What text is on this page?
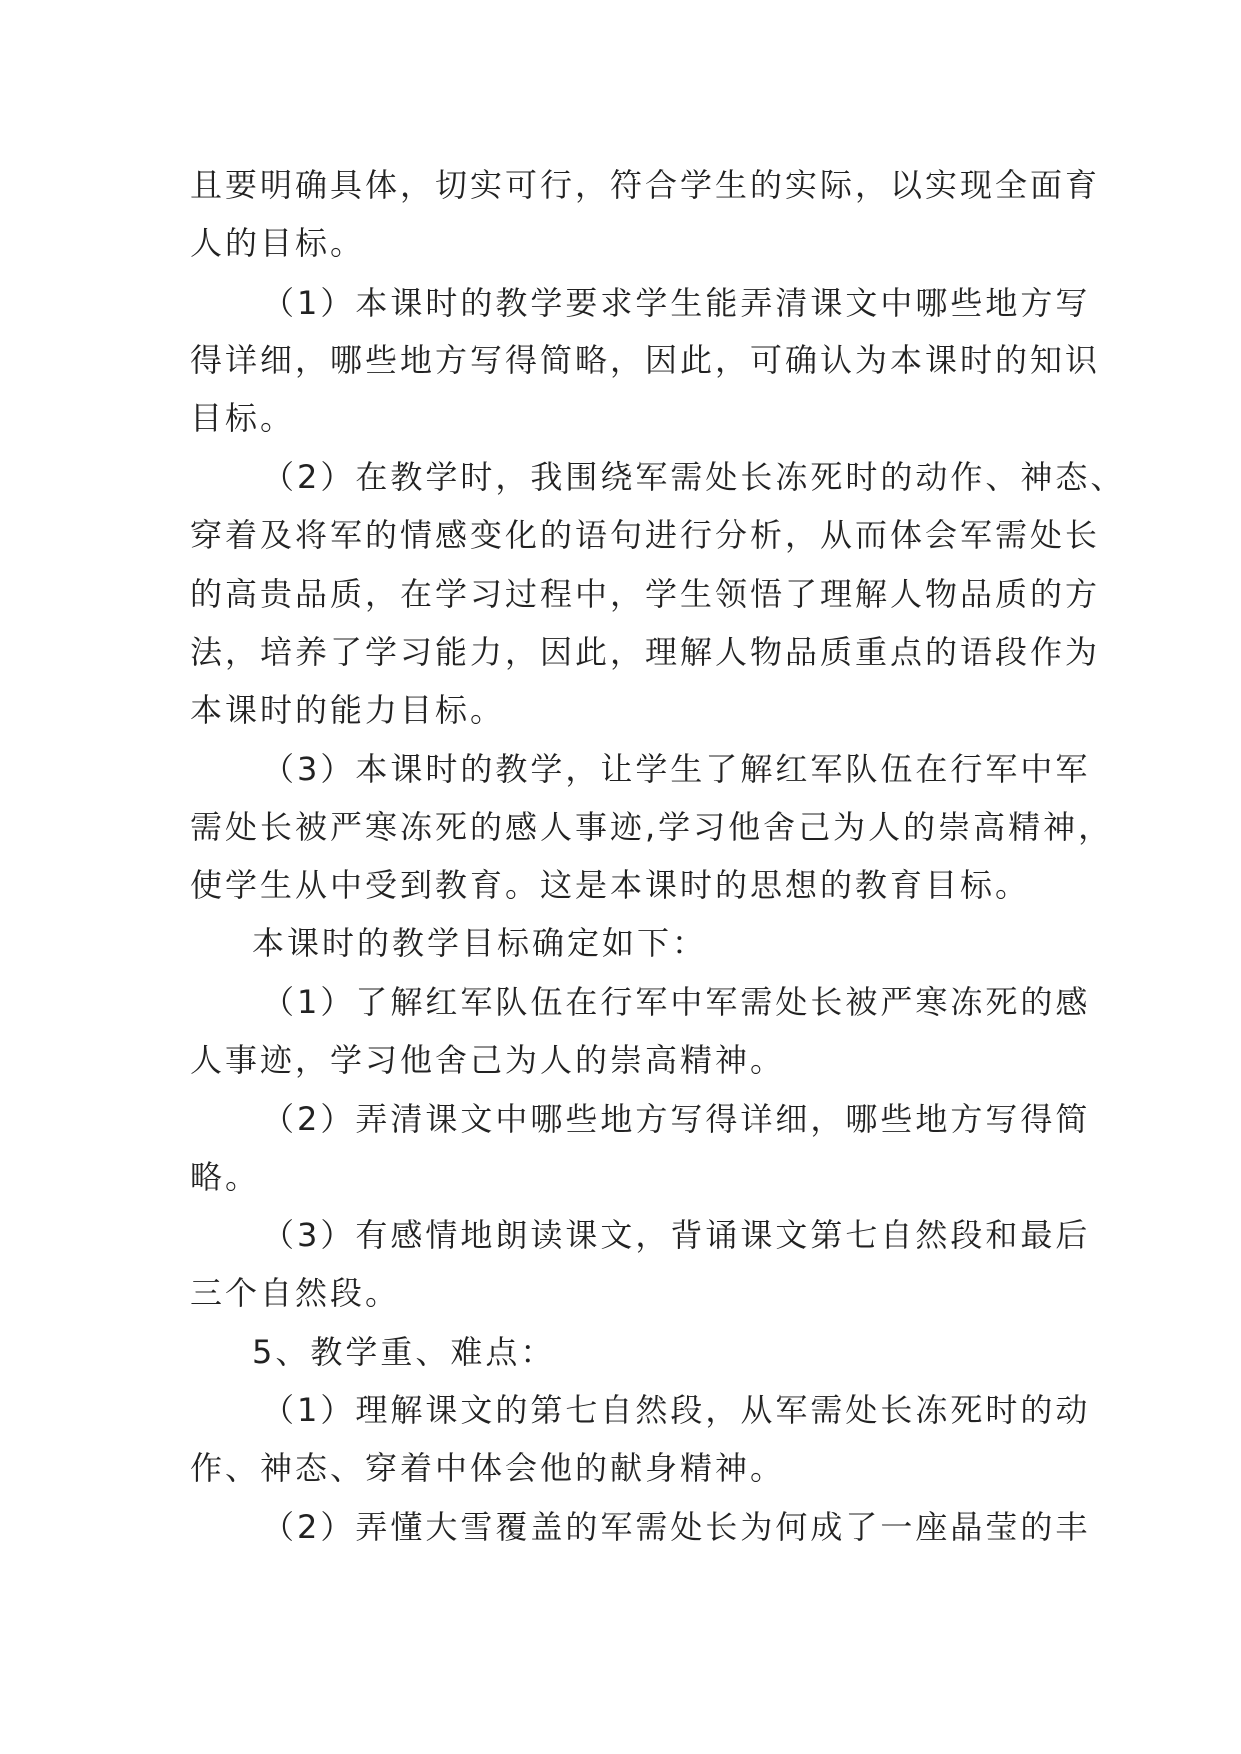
且要明确具体，切实可行，符合学生的实际，以实现全面育
人的目标。
（1）本课时的教学要求学生能弄清课文中哪些地方写
得详细，哪些地方写得简略，因此，可确认为本课时的知识
目标。
（2）在教学时，我围绕军需处长冻死时的动作、神态、
穿着及将军的情感变化的语句进行分析，从而体会军需处长
的高贵品质，在学习过程中，学生领悟了理解人物品质的方
法，培养了学习能力，因此，理解人物品质重点的语段作为
本课时的能力目标。
（3）本课时的教学，让学生了解红军队伍在行军中军
需处长被严寒冻死的感人事迹,学习他舍己为人的崇高精神，
使学生从中受到教育。这是本课时的思想的教育目标。
本课时的教学目标确定如下：
（1）了解红军队伍在行军中军需处长被严寒冻死的感
人事迹，学习他舍己为人的崇高精神。
（2）弄清课文中哪些地方写得详细，哪些地方写得简
略。
（3）有感情地朗读课文，背诵课文第七自然段和最后
三个自然段。
5、教学重、难点：
（1）理解课文的第七自然段，从军需处长冻死时的动
作、神态、穿着中体会他的献身精神。
（2）弄懂大雪覆盖的军需处长为何成了一座晶莹的丰
